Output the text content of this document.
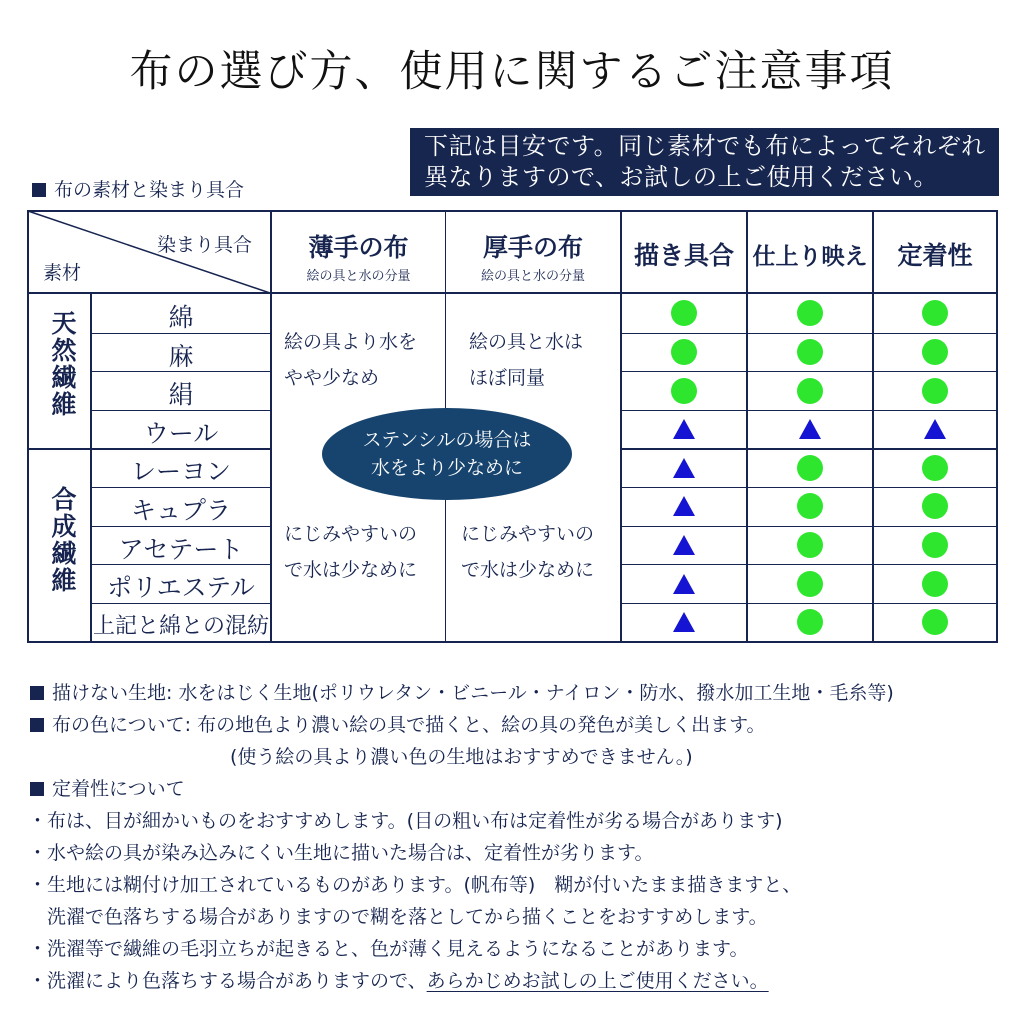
布の選び方、使用に関するご注意事項
下記は目安です。同じ素材でも布によってそれぞれ
異なりますので、お試しの上ご使用ください。
布の素材と染まり具合
染まり具合
素材
薄手の布
絵の具と水の分量
厚手の布
絵の具と水の分量
描き具合 仕上り映え	定着性
天然繊維
合成繊維
綿
麻
絹
ウール
レーヨン
キュプラ
アセテート
ポリエステル
上記と綿との混紡
絵の具より水を
やや少なめ
絵の具と水は
ほぼ同量
にじみやすいの
で水は少なめに
にじみやすいの
で水は少なめに
ステンシルの場合は
水をより少なめに
描けない生地: 水をはじく生地(ポリウレタン・ビニール・ナイロン・防水、撥水加工生地・毛糸等)
布の色について: 布の地色より濃い絵の具で描くと、絵の具の発色が美しく出ます。
(使う絵の具より濃い色の生地はおすすめできません。)
定着性について
・布は、目が細かいものをおすすめします。(目の粗い布は定着性が劣る場合があります)
・水や絵の具が染み込みにくい生地に描いた場合は、定着性が劣ります。
・生地には糊付け加工されているものがあります。(帆布等)　糊が付いたまま描きますと、
　洗濯で色落ちする場合がありますので糊を落としてから描くことをおすすめします。
・洗濯等で繊維の毛羽立ちが起きると、色が薄く見えるようになることがあります。
・洗濯により色落ちする場合がありますので、あらかじめお試しの上ご使用ください。
